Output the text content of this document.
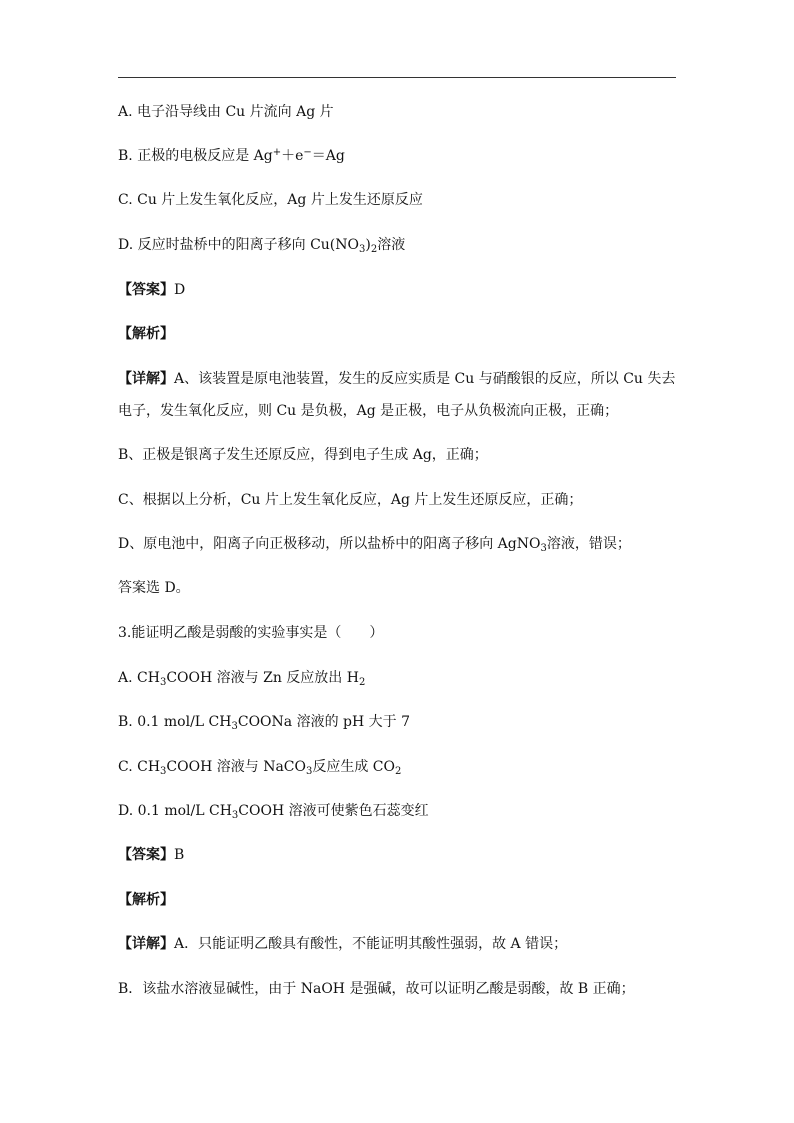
A. 电子沿导线由 Cu 片流向 Ag 片
B. 正极的电极反应是 Ag+＋e−＝Ag
C. Cu 片上发生氧化反应，Ag 片上发生还原反应
D. 反应时盐桥中的阳离子移向 $Cu(NO_3)_2$溶液
【答案】D
【解析】
【详解】A、该装置是原电池装置，发生的反应实质是 Cu 与硝酸银的反应，所以 Cu 失去
电子，发生氧化反应，则 Cu 是负极，Ag 是正极，电子从负极流向正极，正确；
B、正极是银离子发生还原反应，得到电子生成 Ag，正确；
C、根据以上分析，Cu 片上发生氧化反应，Ag 片上发生还原反应，正确；
D、原电池中，阳离子向正极移动，所以盐桥中的阳离子移向 AgNO$_3$溶液，错误；
答案选 D。
3.能证明乙酸是弱酸的实验事实是（　　）
A. $CH_3COOH$ 溶液与 Zn 反应放出 $H_2$
B. 0.1 mol/L $CH_3COONa$ 溶液的 pH 大于 7
C. $CH_3COOH$ 溶液与 NaCO$_3$反应生成 $CO_2$
D. 0.1 mol/L $CH_3COOH$ 溶液可使紫色石蕊变红
【答案】B
【解析】
【详解】A．只能证明乙酸具有酸性，不能证明其酸性强弱，故 A 错误；
B．该盐水溶液显碱性，由于 NaOH 是强碱，故可以证明乙酸是弱酸，故 B 正确；
